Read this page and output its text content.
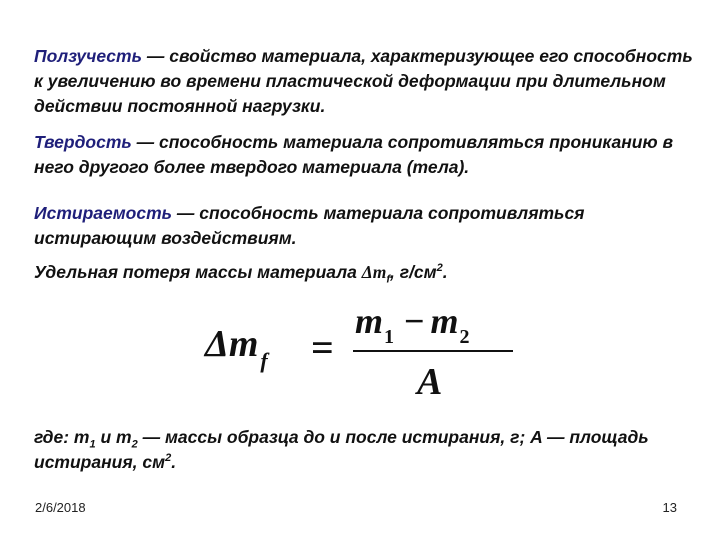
Ползучесть — свойство материала, характеризующее его способность к увеличению во времени пластической деформации при длительном действии постоянной нагрузки.
Твердость — способность материала сопротивляться прониканию в него другого более твердого материала (тела).
Истираемость — способность материала сопротивляться истирающим воздействиям.
Удельная потеря массы материала $\Delta m_f$, $г/см^2$.
$\Delta m_f$ =
$m_1 - m_2$
A
где: $m_1$ и $m_2$ — массы образца до и после истирания, г; A — площадь истирания, $см^2$.
2/6/2018	13
